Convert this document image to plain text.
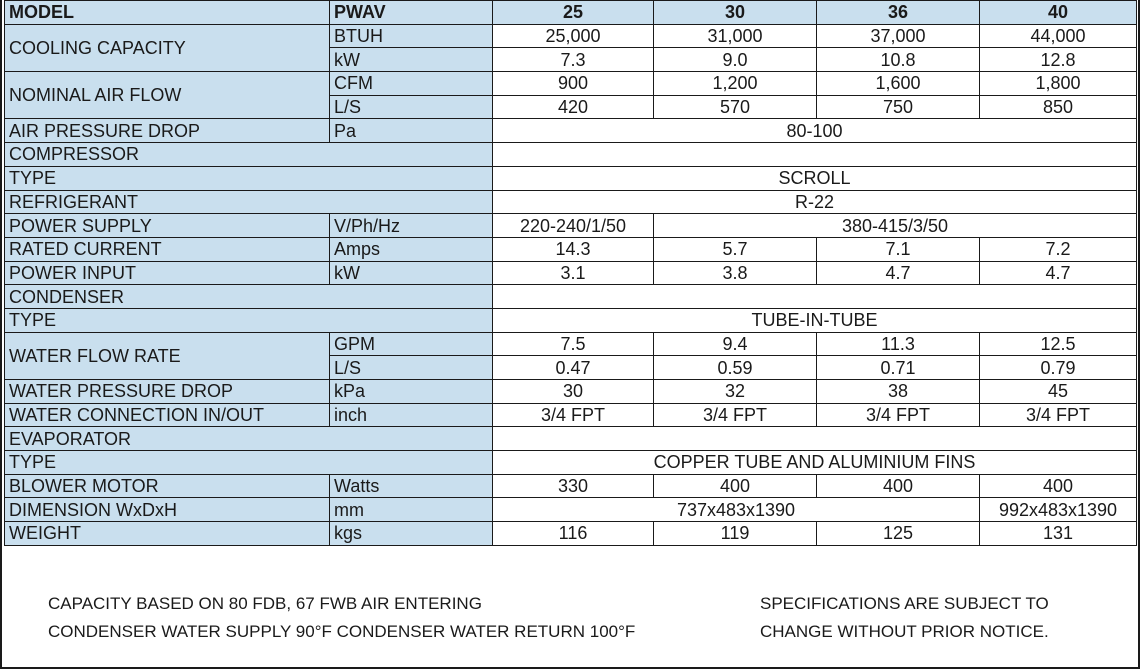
MODEL	PWAV	25	30	36	40
COOLING CAPACITY	BTUH	25,000	31,000	37,000	44,000
	kW	7.3	9.0	10.8	12.8
NOMINAL AIR FLOW	CFM	900	1,200	1,600	1,800
	L/S	420	570	750	850
AIR PRESSURE DROP	Pa	80-100			
COMPRESSOR					
TYPE		SCROLL			
REFRIGERANT		R-22			
POWER SUPPLY	V/Ph/Hz	220-240/1/50	380-415/3/50		
RATED CURRENT	Amps	14.3	5.7	7.1	7.2
POWER INPUT	kW	3.1	3.8	4.7	4.7
CONDENSER					
TYPE		TUBE-IN-TUBE			
WATER FLOW RATE	GPM	7.5	9.4	11.3	12.5
	L/S	0.47	0.59	0.71	0.79
WATER PRESSURE DROP	kPa	30	32	38	45
WATER CONNECTION IN/OUT	inch	3/4 FPT	3/4 FPT	3/4 FPT	3/4 FPT
EVAPORATOR					
TYPE		COPPER TUBE AND ALUMINIUM FINS			
BLOWER MOTOR	Watts	330	400	400	400
DIMENSION WxDxH	mm	737x483x1390			992x483x1390
WEIGHT	kgs	116	119	125	131
CAPACITY BASED ON 80 FDB, 67 FWB AIR ENTERING
CONDENSER WATER SUPPLY 90°F CONDENSER WATER RETURN 100°F
SPECIFICATIONS ARE SUBJECT TO
CHANGE WITHOUT PRIOR NOTICE.
